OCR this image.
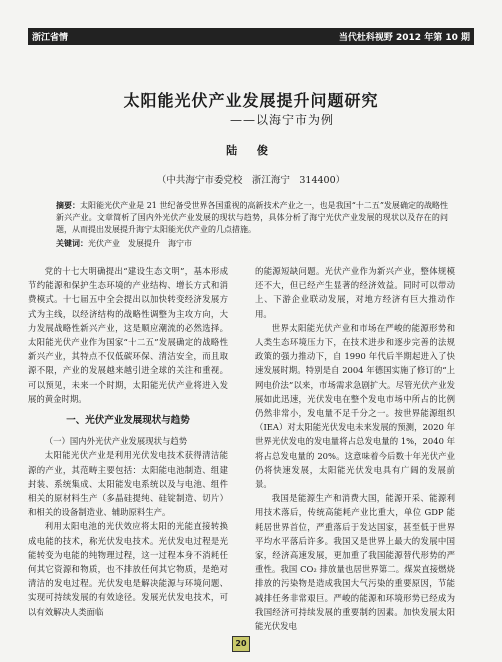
浙江省情	当代杜科视野 2012 年第 10 期
太阳能光伏产业发展提升问题研究
——以海宁市为例
陆 俊
（中共海宁市委党校　浙江海宁　314400）
摘要：太阳能光伏产业是 21 世纪备受世界各国重视的高新技术产业之一，也是我国“十二五”发展确定的战略性新兴产业。文章简析了国内外光伏产业发展的现状与趋势，具体分析了海宁光伏产业发展的现状以及存在的问题，从而提出发展提升海宁太阳能光伏产业的几点措施。
关键词：光伏产业　发展提升　海宁市

党的十七大明确提出“建设生态文明”，基本形成节约能源和保护生态环境的产业结构、增长方式和消费模式。十七届五中全会提出以加快转变经济发展方式为主线，以经济结构的战略性调整为主攻方向，大力发展战略性新兴产业，这是顺应潮流的必然选择。太阳能光伏产业作为国家“十二五”发展确定的战略性新兴产业，其特点不仅低碳环保、清洁安全，而且取源不限，产业的发展越来越引进全球的关注和重视。可以预见，未来一个时期，太阳能光伏产业将进入发展的黄金时期。

一、光伏产业发展现状与趋势

（一）国内外光伏产业发展现状与趋势

太阳能光伏产业是利用光伏发电技术获得清洁能源的产业，其范畴主要包括：太阳能电池制造、组建封装、系统集成、太阳能发电系统以及与电池、组件相关的原材料生产（多晶硅提纯、硅锭制造、切片）和相关的设备制造业、辅助原料生产。

利用太阳电池的光伏效应将太阳的光能直接转换成电能的技术，称光伏发电技术。光伏发电过程是光能转变为电能的纯物理过程，这一过程本身不消耗任何其它资源和物质，也不排放任何其它物质，是绝对清洁的发电过程。光伏发电是解决能源与环境问题、实现可持续发展的有效途径。发展光伏发电技术，可以有效解决人类面临

的能源短缺问题。光伏产业作为新兴产业，整体规模还不大，但已经产生显著的经济效益。同时可以带动上、下游企业联动发展，对地方经济有巨大推动作用。

世界太阳能光伏产业和市场在严峻的能源形势和人类生态环境压力下，在技术进步和逐步完善的法规政策的强力推动下，自 1990 年代后半期起进入了快速发展时期。特别是自 2004 年德国实施了修订的“上网电价法”以来，市场需求急剧扩大。尽管光伏产业发展如此迅速，光伏发电在整个发电市场中所占的比例仍然非常小，发电量不足千分之一。按世界能源组织（IEA）对太阳能光伏发电未来发展的预测，2020 年世界光伏发电的发电量将占总发电量的 1%，2040 年将占总发电量的 20%。这意味着今后数十年光伏产业仍将快速发展，太阳能光伏发电具有广阔的发展前景。

我国是能源生产和消费大国，能源开采、能源利用技术落后，传统高能耗产业比重大，单位 GDP 能耗居世界首位，严重落后于发达国家，甚至低于世界平均水平落后许多。我国又是世界上最大的发展中国家，经济高速发展，更加重了我国能源替代形势的严重性。我国 CO₂ 排放量也居世界第二。煤炭直接燃烧排放的污染物是造成我国大气污染的重要原因，节能减排任务非常艰巨。严峻的能源和环境形势已经成为我国经济可持续发展的重要制约因素。加快发展太阳能光伏发电

20
